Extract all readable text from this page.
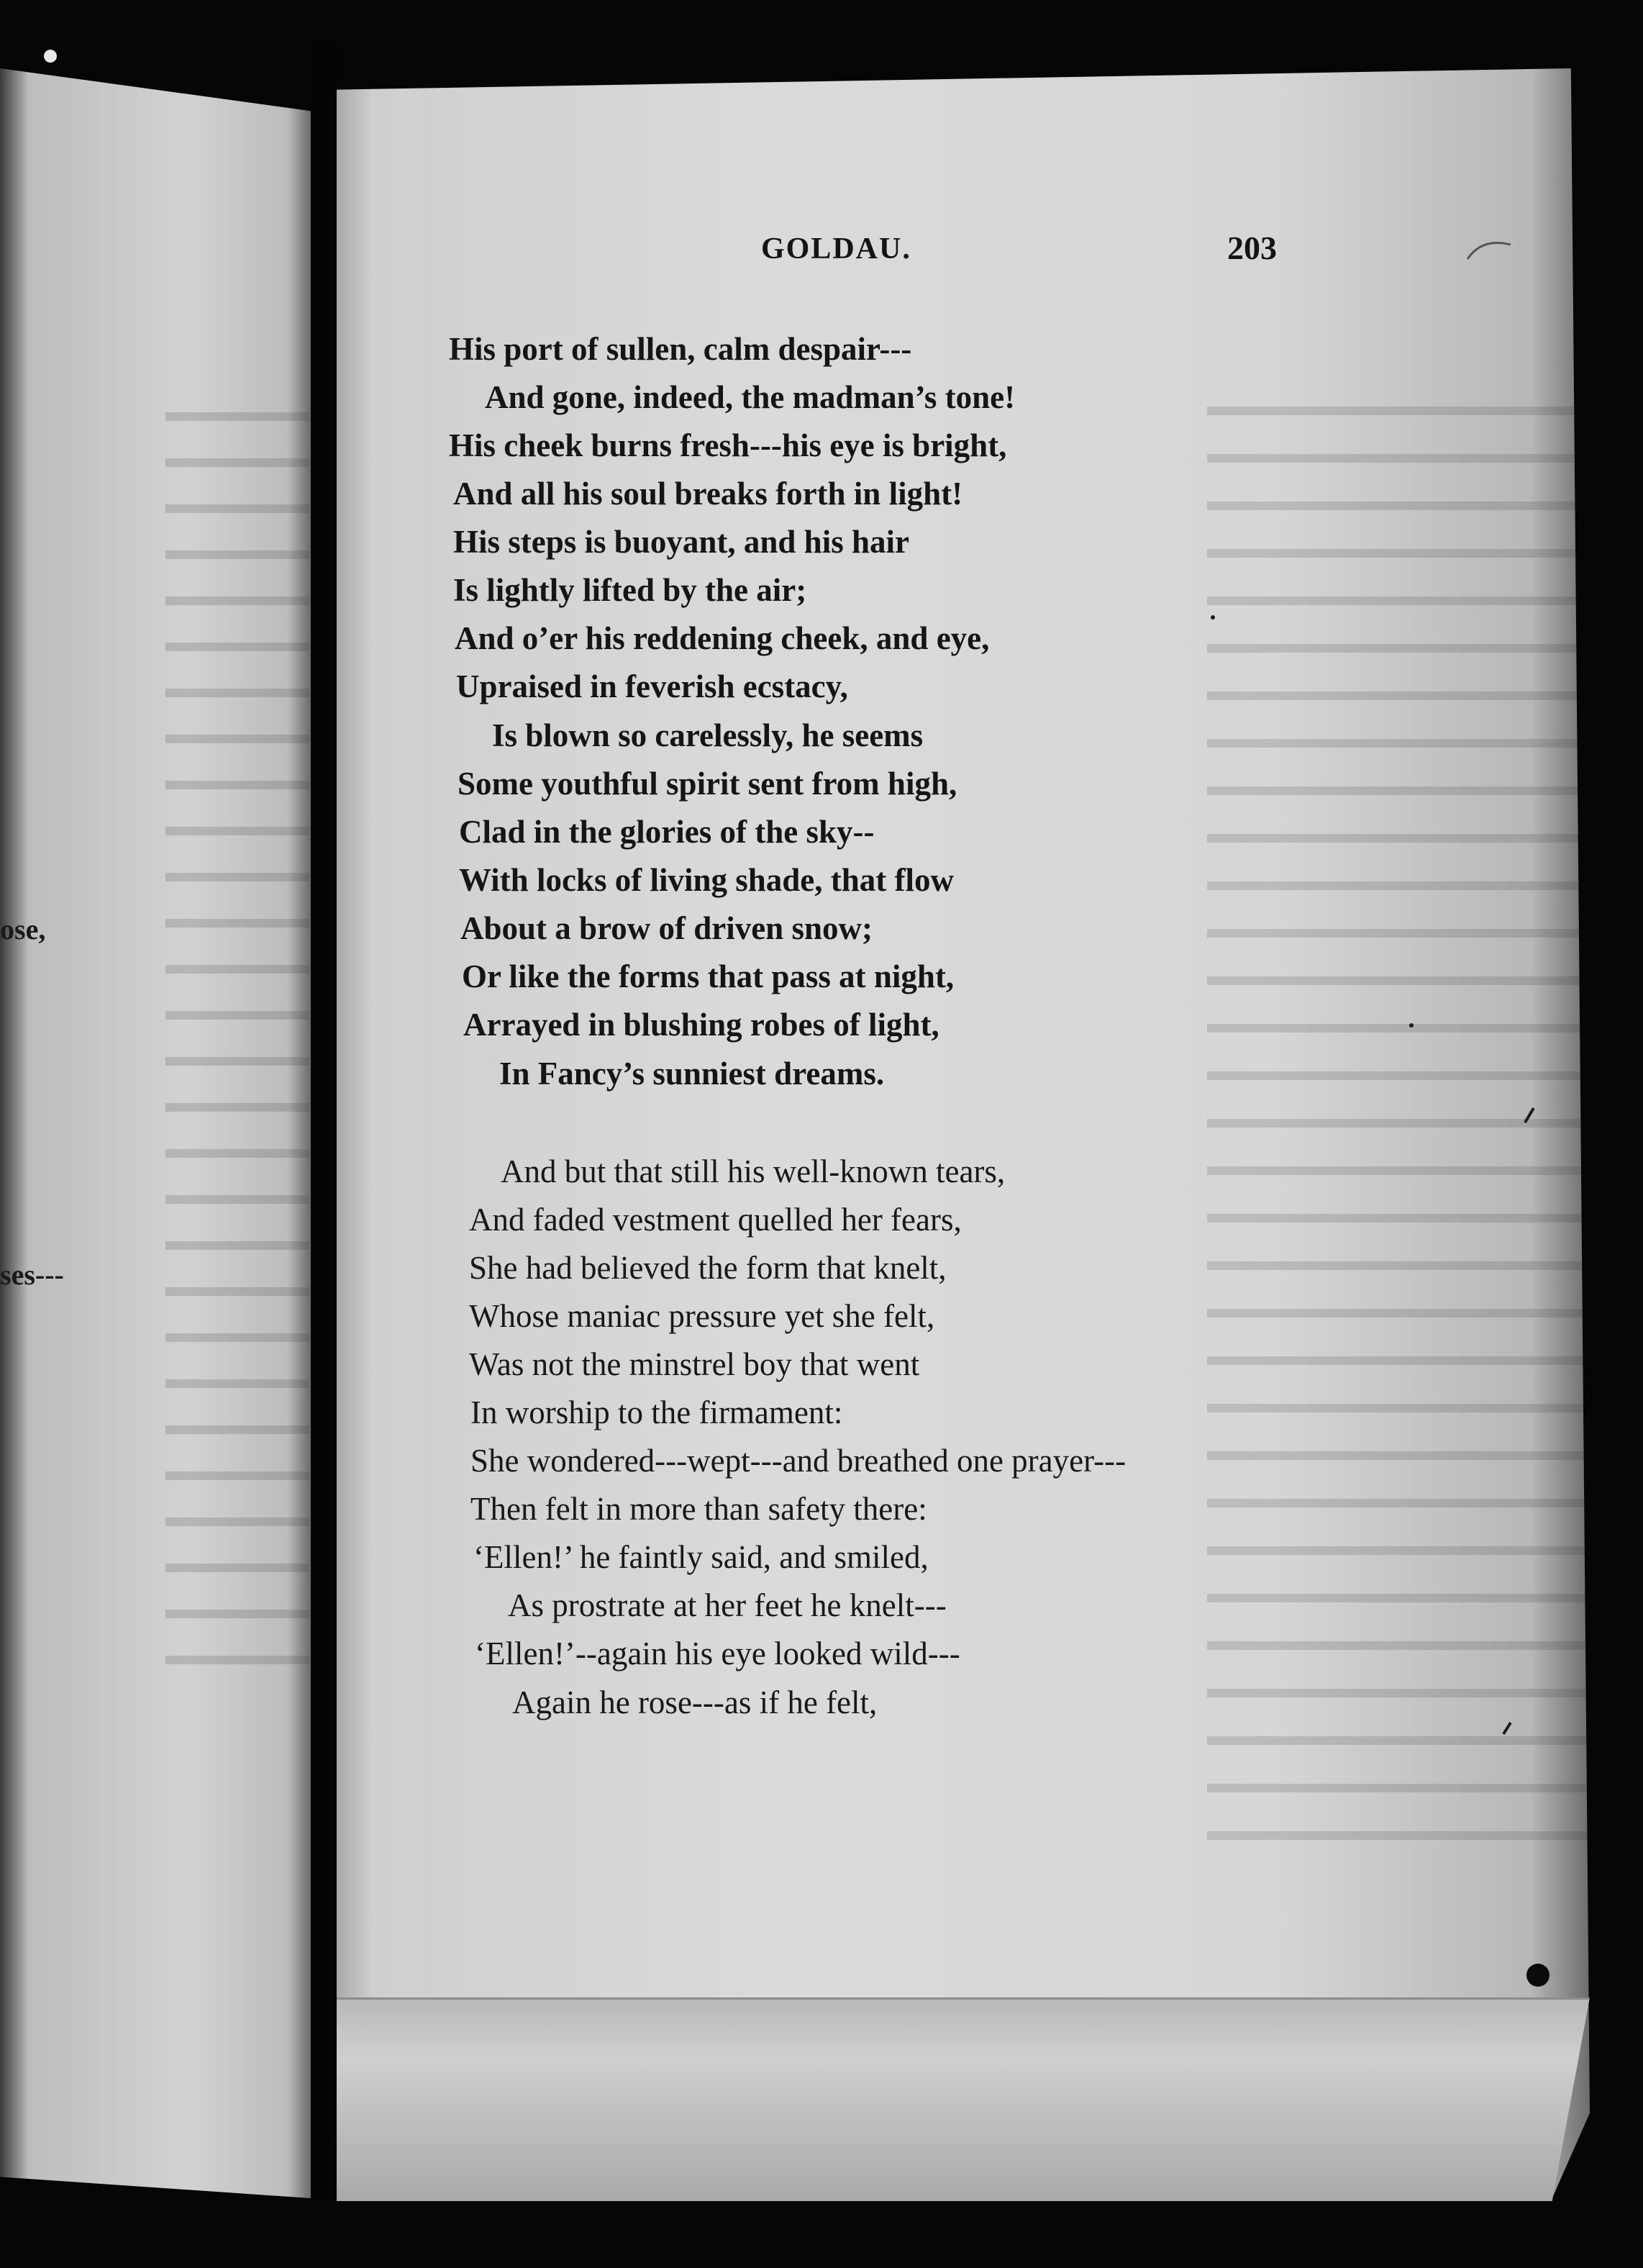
ose,

ses---

GOLDAU.	203

His port of sullen, calm despair---

And gone, indeed, the madman’s tone!

His cheek burns fresh---his eye is bright,

And all his soul breaks forth in light!

His steps is buoyant, and his hair

Is lightly lifted by the air;

And o’er his reddening cheek, and eye,

Upraised in feverish ecstacy,

Is blown so carelessly, he seems

Some youthful spirit sent from high,

Clad in the glories of the sky--

With locks of living shade, that flow

About a brow of driven snow;

Or like the forms that pass at night,

Arrayed in blushing robes of light,

In Fancy’s sunniest dreams.

And but that still his well-known tears,

And faded vestment quelled her fears,

She had believed the form that knelt,

Whose maniac pressure yet she felt,

Was not the minstrel boy that went

In worship to the firmament:

She wondered---wept---and breathed one prayer---

Then felt in more than safety there:

‘Ellen!’ he faintly said, and smiled,

As prostrate at her feet he knelt---

‘Ellen!’--again his eye looked wild---

Again he rose---as if he felt,
